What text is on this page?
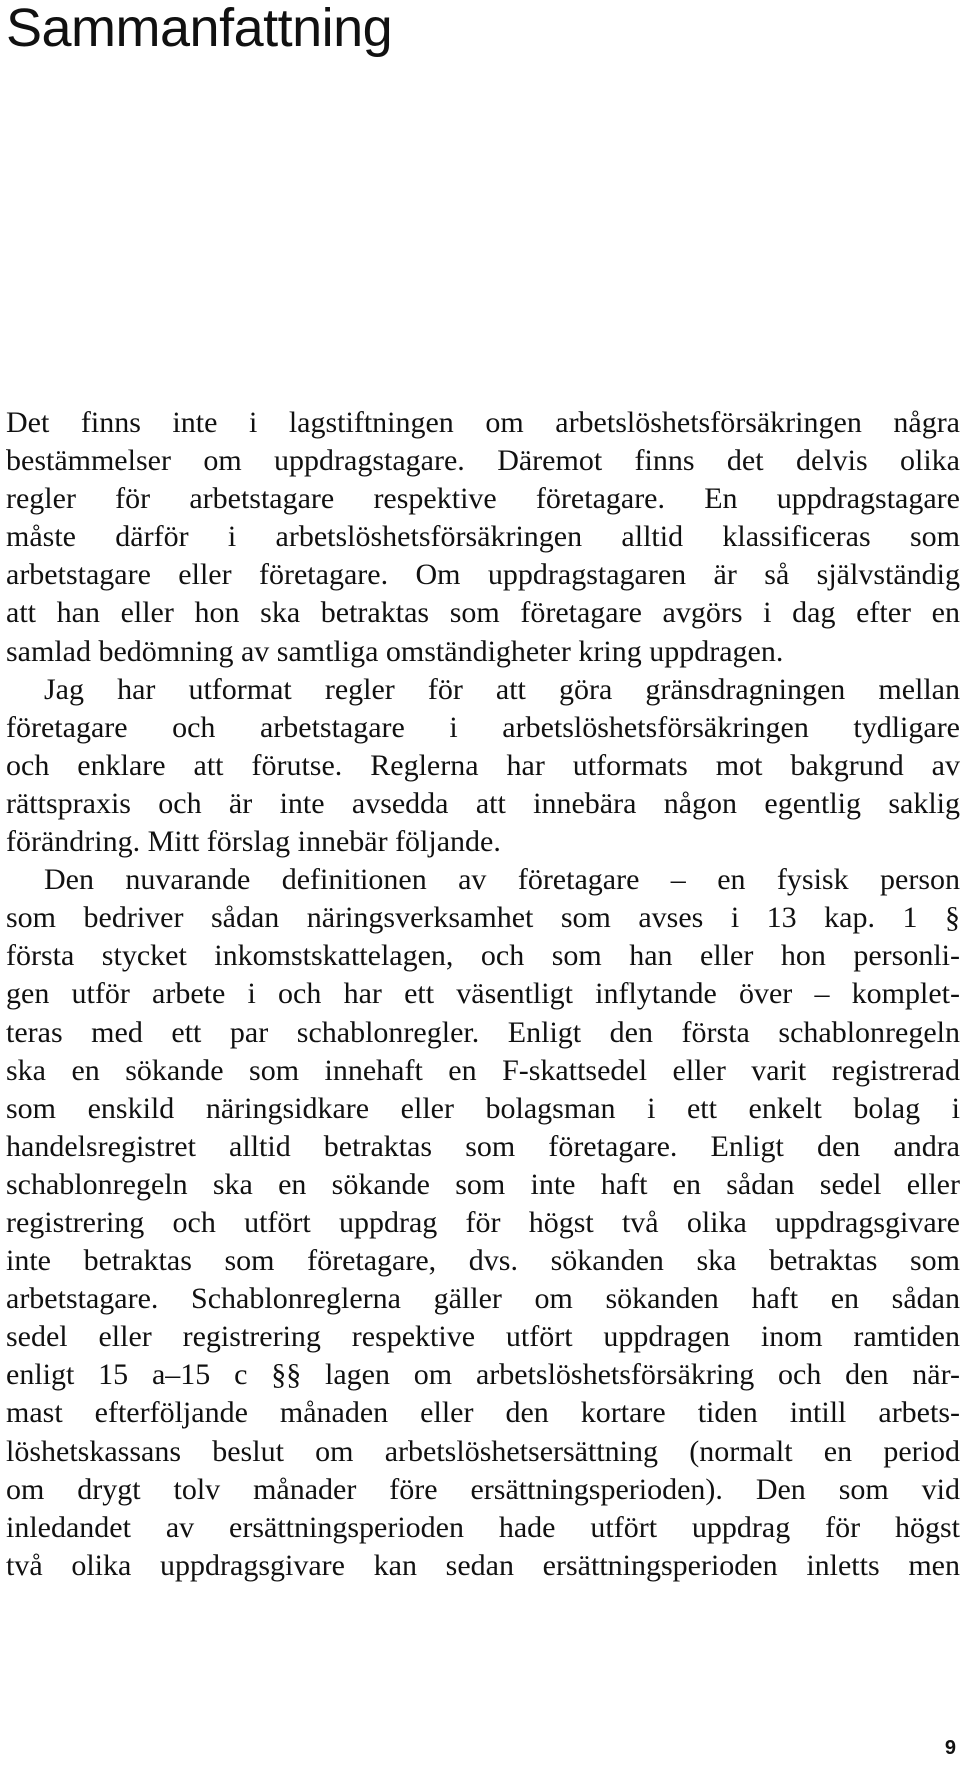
Sammanfattning

Det finns inte i lagstiftningen om arbetslöshetsförsäkringen några
bestämmelser om uppdragstagare. Däremot finns det delvis olika
regler för arbetstagare respektive företagare. En uppdragstagare
måste därför i arbetslöshetsförsäkringen alltid klassificeras som
arbetstagare eller företagare. Om uppdragstagaren är så självständig
att han eller hon ska betraktas som företagare avgörs i dag efter en
samlad bedömning av samtliga omständigheter kring uppdragen.

Jag har utformat regler för att göra gränsdragningen mellan
företagare och arbetstagare i arbetslöshetsförsäkringen tydligare
och enklare att förutse. Reglerna har utformats mot bakgrund av
rättspraxis och är inte avsedda att innebära någon egentlig saklig
förändring. Mitt förslag innebär följande.

Den nuvarande definitionen av företagare – en fysisk person
som bedriver sådan näringsverksamhet som avses i 13 kap. 1 §
första stycket inkomstskattelagen, och som han eller hon personli-
gen utför arbete i och har ett väsentligt inflytande över – komplet-
teras med ett par schablonregler. Enligt den första schablonregeln
ska en sökande som innehaft en F-skattsedel eller varit registrerad
som enskild näringsidkare eller bolagsman i ett enkelt bolag i
handelsregistret alltid betraktas som företagare. Enligt den andra
schablonregeln ska en sökande som inte haft en sådan sedel eller
registrering och utfört uppdrag för högst två olika uppdragsgivare
inte betraktas som företagare, dvs. sökanden ska betraktas som
arbetstagare. Schablonreglerna gäller om sökanden haft en sådan
sedel eller registrering respektive utfört uppdragen inom ramtiden
enligt 15 a–15 c §§ lagen om arbetslöshetsförsäkring och den när-
mast efterföljande månaden eller den kortare tiden intill arbets-
löshetskassans beslut om arbetslöshetsersättning (normalt en period
om drygt tolv månader före ersättningsperioden). Den som vid
inledandet av ersättningsperioden hade utfört uppdrag för högst
två olika uppdragsgivare kan sedan ersättningsperioden inletts men

9
